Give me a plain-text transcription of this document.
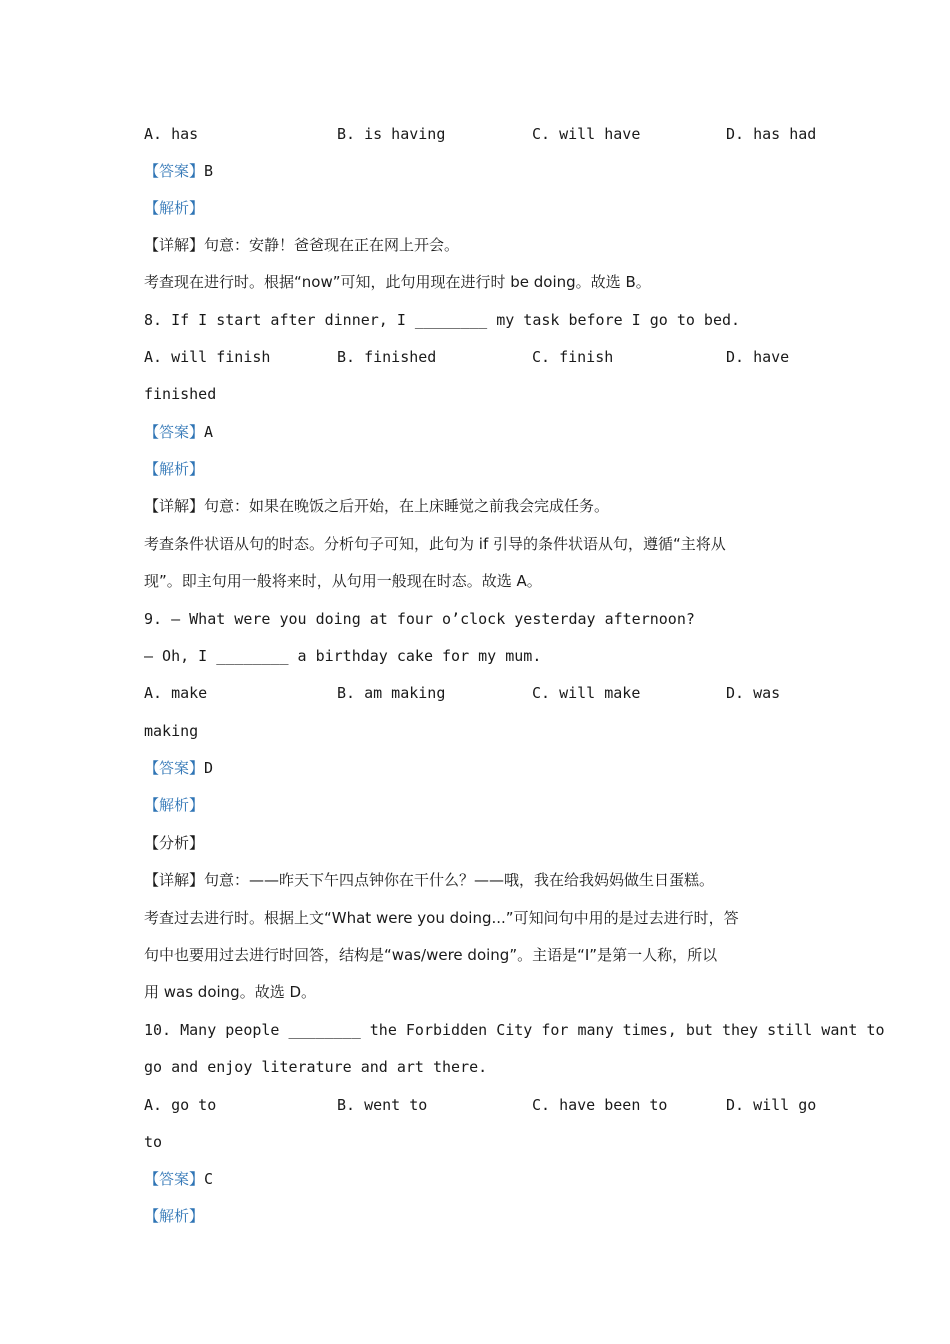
A. has	B. is having	C. will have	D. has had
【答案】B
【解析】
【详解】句意：安静！爸爸现在正在网上开会。
考查现在进行时。根据“now”可知，此句用现在进行时 be doing。故选 B。
8. If I start after dinner, I ________ my task before I go to bed.
A. will finish	B. finished	C. finish	D. have
finished
【答案】A
【解析】
【详解】句意：如果在晚饭之后开始，在上床睡觉之前我会完成任务。
考查条件状语从句的时态。分析句子可知，此句为 if 引导的条件状语从句，遵循“主将从
现”。即主句用一般将来时，从句用一般现在时态。故选 A。
9. — What were you doing at four o’clock yesterday afternoon?
— Oh, I ________ a birthday cake for my mum.
A. make	B. am making	C. will make	D. was
making
【答案】D
【解析】
【分析】
【详解】句意：——昨天下午四点钟你在干什么？——哦，我在给我妈妈做生日蛋糕。
考查过去进行时。根据上文“What were you doing...”可知问句中用的是过去进行时，答
句中也要用过去进行时回答，结构是“was/were doing”。主语是“I”是第一人称，所以
用 was doing。故选 D。
10. Many people ________ the Forbidden City for many times, but they still want to
go and enjoy literature and art there.
A. go to	B. went to	C. have been to	D. will go
to
【答案】C
【解析】
